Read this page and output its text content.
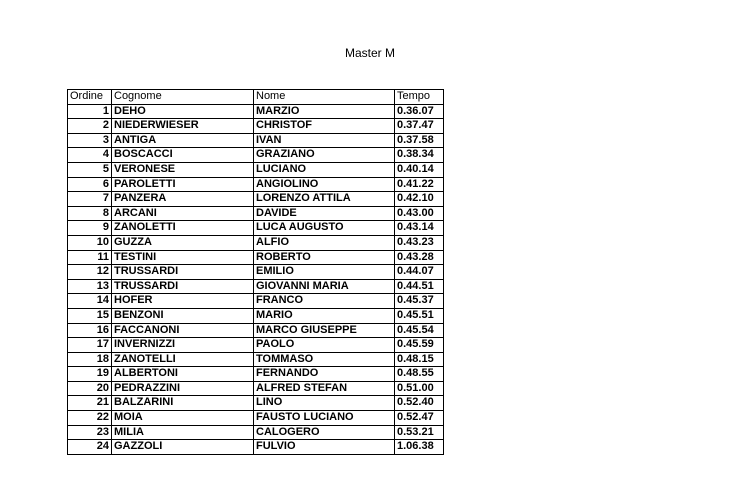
Master M
Ordine	Cognome	Nome	Tempo
1	DEHO	MARZIO	0.36.07
2	NIEDERWIESER	CHRISTOF	0.37.47
3	ANTIGA	IVAN	0.37.58
4	BOSCACCI	GRAZIANO	0.38.34
5	VERONESE	LUCIANO	0.40.14
6	PAROLETTI	ANGIOLINO	0.41.22
7	PANZERA	LORENZO ATTILA	0.42.10
8	ARCANI	DAVIDE	0.43.00
9	ZANOLETTI	LUCA AUGUSTO	0.43.14
10	GUZZA	ALFIO	0.43.23
11	TESTINI	ROBERTO	0.43.28
12	TRUSSARDI	EMILIO	0.44.07
13	TRUSSARDI	GIOVANNI MARIA	0.44.51
14	HOFER	FRANCO	0.45.37
15	BENZONI	MARIO	0.45.51
16	FACCANONI	MARCO GIUSEPPE	0.45.54
17	INVERNIZZI	PAOLO	0.45.59
18	ZANOTELLI	TOMMASO	0.48.15
19	ALBERTONI	FERNANDO	0.48.55
20	PEDRAZZINI	ALFRED STEFAN	0.51.00
21	BALZARINI	LINO	0.52.40
22	MOIA	FAUSTO LUCIANO	0.52.47
23	MILIA	CALOGERO	0.53.21
24	GAZZOLI	FULVIO	1.06.38
